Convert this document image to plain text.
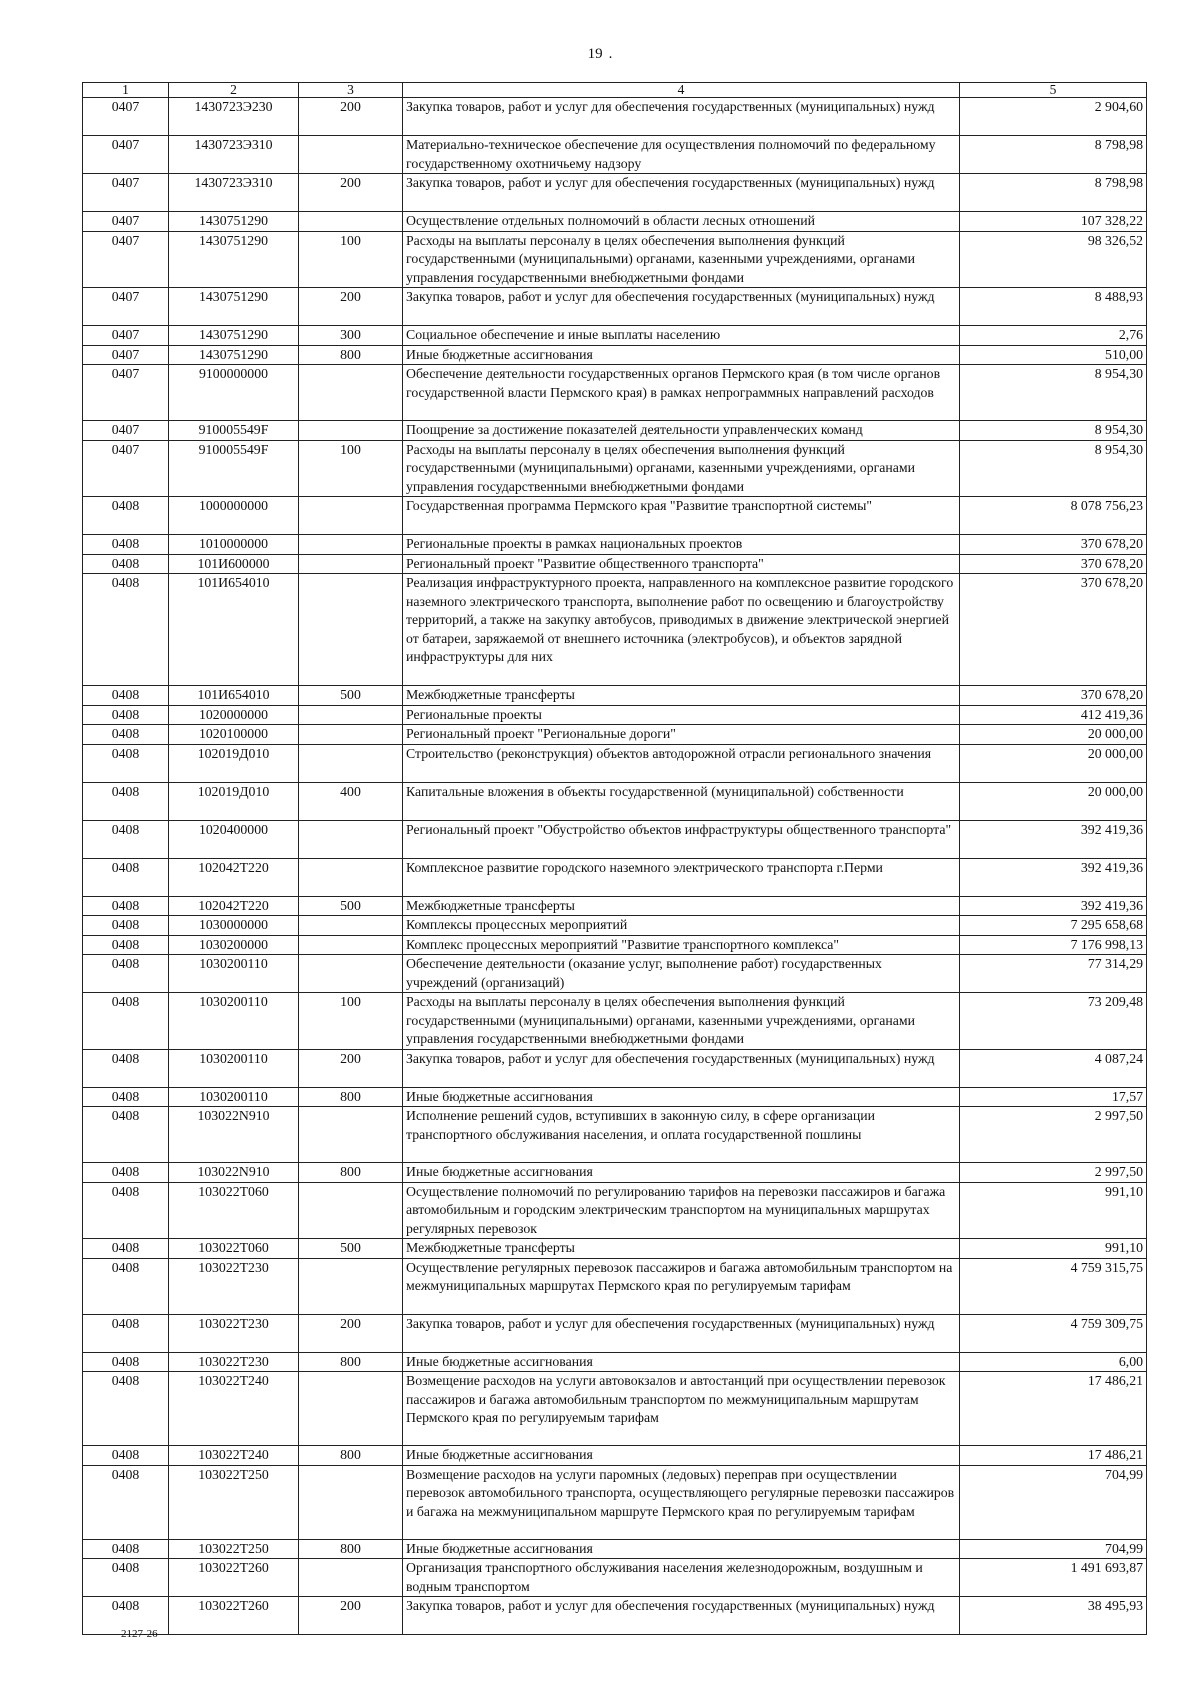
19 .
1	2	3	4	5
0407	1430723Э230	200	Закупка товаров, работ и услуг для обеспечения государственных (муниципальных) нужд	2 904,60
0407	1430723Э310		Материально-техническое обеспечение для осуществления полномочий по федеральному государственному охотничьему надзору	8 798,98
0407	1430723Э310	200	Закупка товаров, работ и услуг для обеспечения государственных (муниципальных) нужд	8 798,98
0407	1430751290		Осуществление отдельных полномочий в области лесных отношений	107 328,22
0407	1430751290	100	Расходы на выплаты персоналу в целях обеспечения выполнения функций государственными (муниципальными) органами, казенными учреждениями, органами управления государственными внебюджетными фондами	98 326,52
0407	1430751290	200	Закупка товаров, работ и услуг для обеспечения государственных (муниципальных) нужд	8 488,93
0407	1430751290	300	Социальное обеспечение и иные выплаты населению	2,76
0407	1430751290	800	Иные бюджетные ассигнования	510,00
0407	9100000000		Обеспечение деятельности государственных органов Пермского края (в том числе органов государственной власти Пермского края) в рамках непрограммных направлений расходов	8 954,30
0407	910005549F		Поощрение за достижение показателей деятельности управленческих команд	8 954,30
0407	910005549F	100	Расходы на выплаты персоналу в целях обеспечения выполнения функций государственными (муниципальными) органами, казенными учреждениями, органами управления государственными внебюджетными фондами	8 954,30
0408	1000000000		Государственная программа Пермского края "Развитие транспортной системы"	8 078 756,23
0408	1010000000		Региональные проекты в рамках национальных проектов	370 678,20
0408	101И600000		Региональный проект "Развитие общественного транспорта"	370 678,20
0408	101И654010		Реализация инфраструктурного проекта, направленного на комплексное развитие городского наземного электрического транспорта, выполнение работ по освещению и благоустройству территорий, а также на закупку автобусов, приводимых в движение электрической энергией от батареи, заряжаемой от внешнего источника (электробусов), и объектов зарядной инфраструктуры для них	370 678,20
0408	101И654010	500	Межбюджетные трансферты	370 678,20
0408	1020000000		Региональные проекты	412 419,36
0408	1020100000		Региональный проект "Региональные дороги"	20 000,00
0408	102019Д010		Строительство (реконструкция) объектов автодорожной отрасли регионального значения	20 000,00
0408	102019Д010	400	Капитальные вложения в объекты государственной (муниципальной) собственности	20 000,00
0408	1020400000		Региональный проект "Обустройство объектов инфраструктуры общественного транспорта"	392 419,36
0408	102042Т220		Комплексное развитие городского наземного электрического транспорта г.Перми	392 419,36
0408	102042Т220	500	Межбюджетные трансферты	392 419,36
0408	1030000000		Комплексы процессных мероприятий	7 295 658,68
0408	1030200000		Комплекс процессных мероприятий "Развитие транспортного комплекса"	7 176 998,13
0408	1030200110		Обеспечение деятельности (оказание услуг, выполнение работ) государственных учреждений (организаций)	77 314,29
0408	1030200110	100	Расходы на выплаты персоналу в целях обеспечения выполнения функций государственными (муниципальными) органами, казенными учреждениями, органами управления государственными внебюджетными фондами	73 209,48
0408	1030200110	200	Закупка товаров, работ и услуг для обеспечения государственных (муниципальных) нужд	4 087,24
0408	1030200110	800	Иные бюджетные ассигнования	17,57
0408	103022N910		Исполнение решений судов, вступивших в законную силу, в сфере организации транспортного обслуживания населения, и оплата государственной пошлины	2 997,50
0408	103022N910	800	Иные бюджетные ассигнования	2 997,50
0408	103022Т060		Осуществление полномочий по регулированию тарифов на перевозки пассажиров и багажа автомобильным и городским электрическим транспортом на муниципальных маршрутах регулярных перевозок	991,10
0408	103022Т060	500	Межбюджетные трансферты	991,10
0408	103022Т230		Осуществление регулярных перевозок пассажиров и багажа автомобильным транспортом на межмуниципальных маршрутах Пермского края по регулируемым тарифам	4 759 315,75
0408	103022Т230	200	Закупка товаров, работ и услуг для обеспечения государственных (муниципальных) нужд	4 759 309,75
0408	103022Т230	800	Иные бюджетные ассигнования	6,00
0408	103022Т240		Возмещение расходов на услуги автовокзалов и автостанций при осуществлении перевозок пассажиров и багажа автомобильным транспортом по межмуниципальным маршрутам Пермского края по регулируемым тарифам	17 486,21
0408	103022Т240	800	Иные бюджетные ассигнования	17 486,21
0408	103022Т250		Возмещение расходов на услуги паромных (ледовых) переправ при осуществлении перевозок автомобильного транспорта, осуществляющего регулярные перевозки пассажиров и багажа на межмуниципальном маршруте Пермского края по регулируемым тарифам	704,99
0408	103022Т250	800	Иные бюджетные ассигнования	704,99
0408	103022Т260		Организация транспортного обслуживания населения железнодорожным, воздушным и водным транспортом	1 491 693,87
0408	103022Т260	200	Закупка товаров, работ и услуг для обеспечения государственных (муниципальных) нужд	38 495,93
2127-26
